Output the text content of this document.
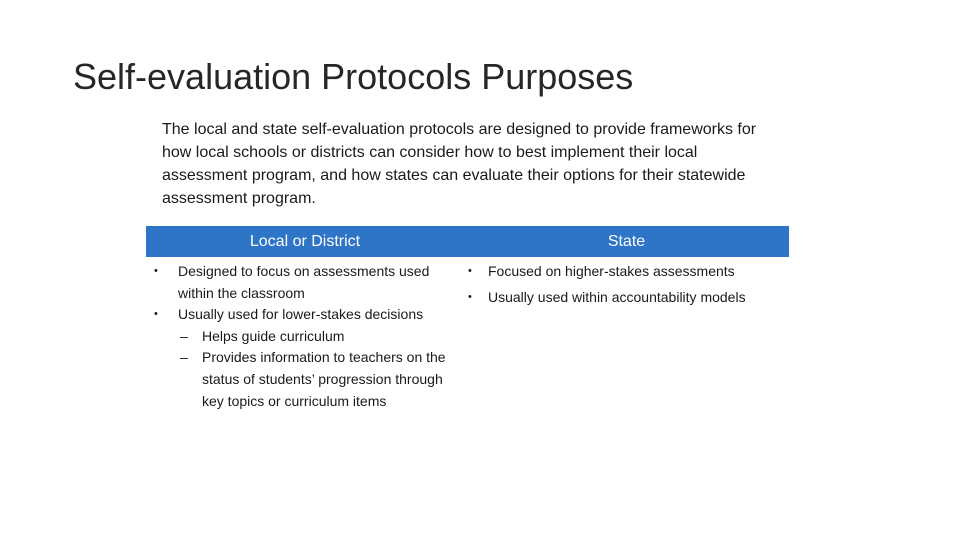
Self-evaluation Protocols Purposes

The local and state self-evaluation protocols are designed to provide frameworks for how local schools or districts can consider how to best implement their local assessment program, and how states can evaluate their options for their statewide assessment program.

Local or District	State
• Designed to focus on assessments used within the classroom
• Usually used for lower-stakes decisions
– Helps guide curriculum
– Provides information to teachers on the status of students’ progression through key topics or curriculum items
• Focused on higher-stakes assessments
• Usually used within accountability models
